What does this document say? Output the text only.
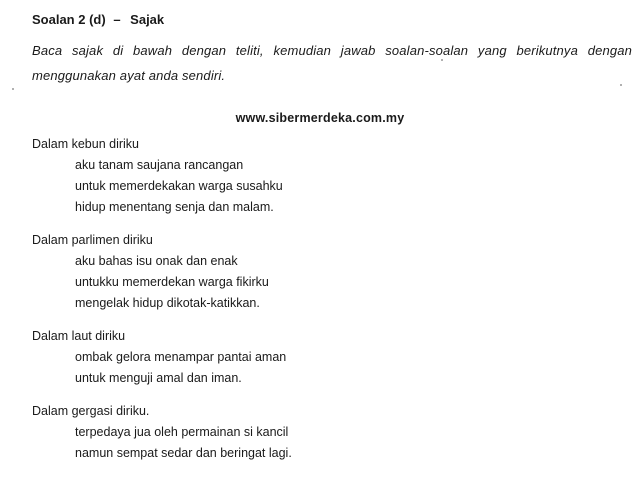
Soalan 2 (d) – Sajak
Baca sajak di bawah dengan teliti, kemudian jawab soalan-soalan yang berikutnya dengan menggunakan ayat anda sendiri.
www.sibermerdeka.com.my
Dalam kebun diriku
aku tanam saujana rancangan
untuk memerdekakan warga susahku
hidup menentang senja dan malam.
Dalam parlimen diriku
aku bahas isu onak dan enak
untukku memerdekan warga fikirku
mengelak hidup dikotak-katikkan.
Dalam laut diriku
ombak gelora menampar pantai aman
untuk menguji amal dan iman.
Dalam gergasi diriku.
terpedaya jua oleh permainan si kancil
namun sempat sedar dan beringat lagi.
